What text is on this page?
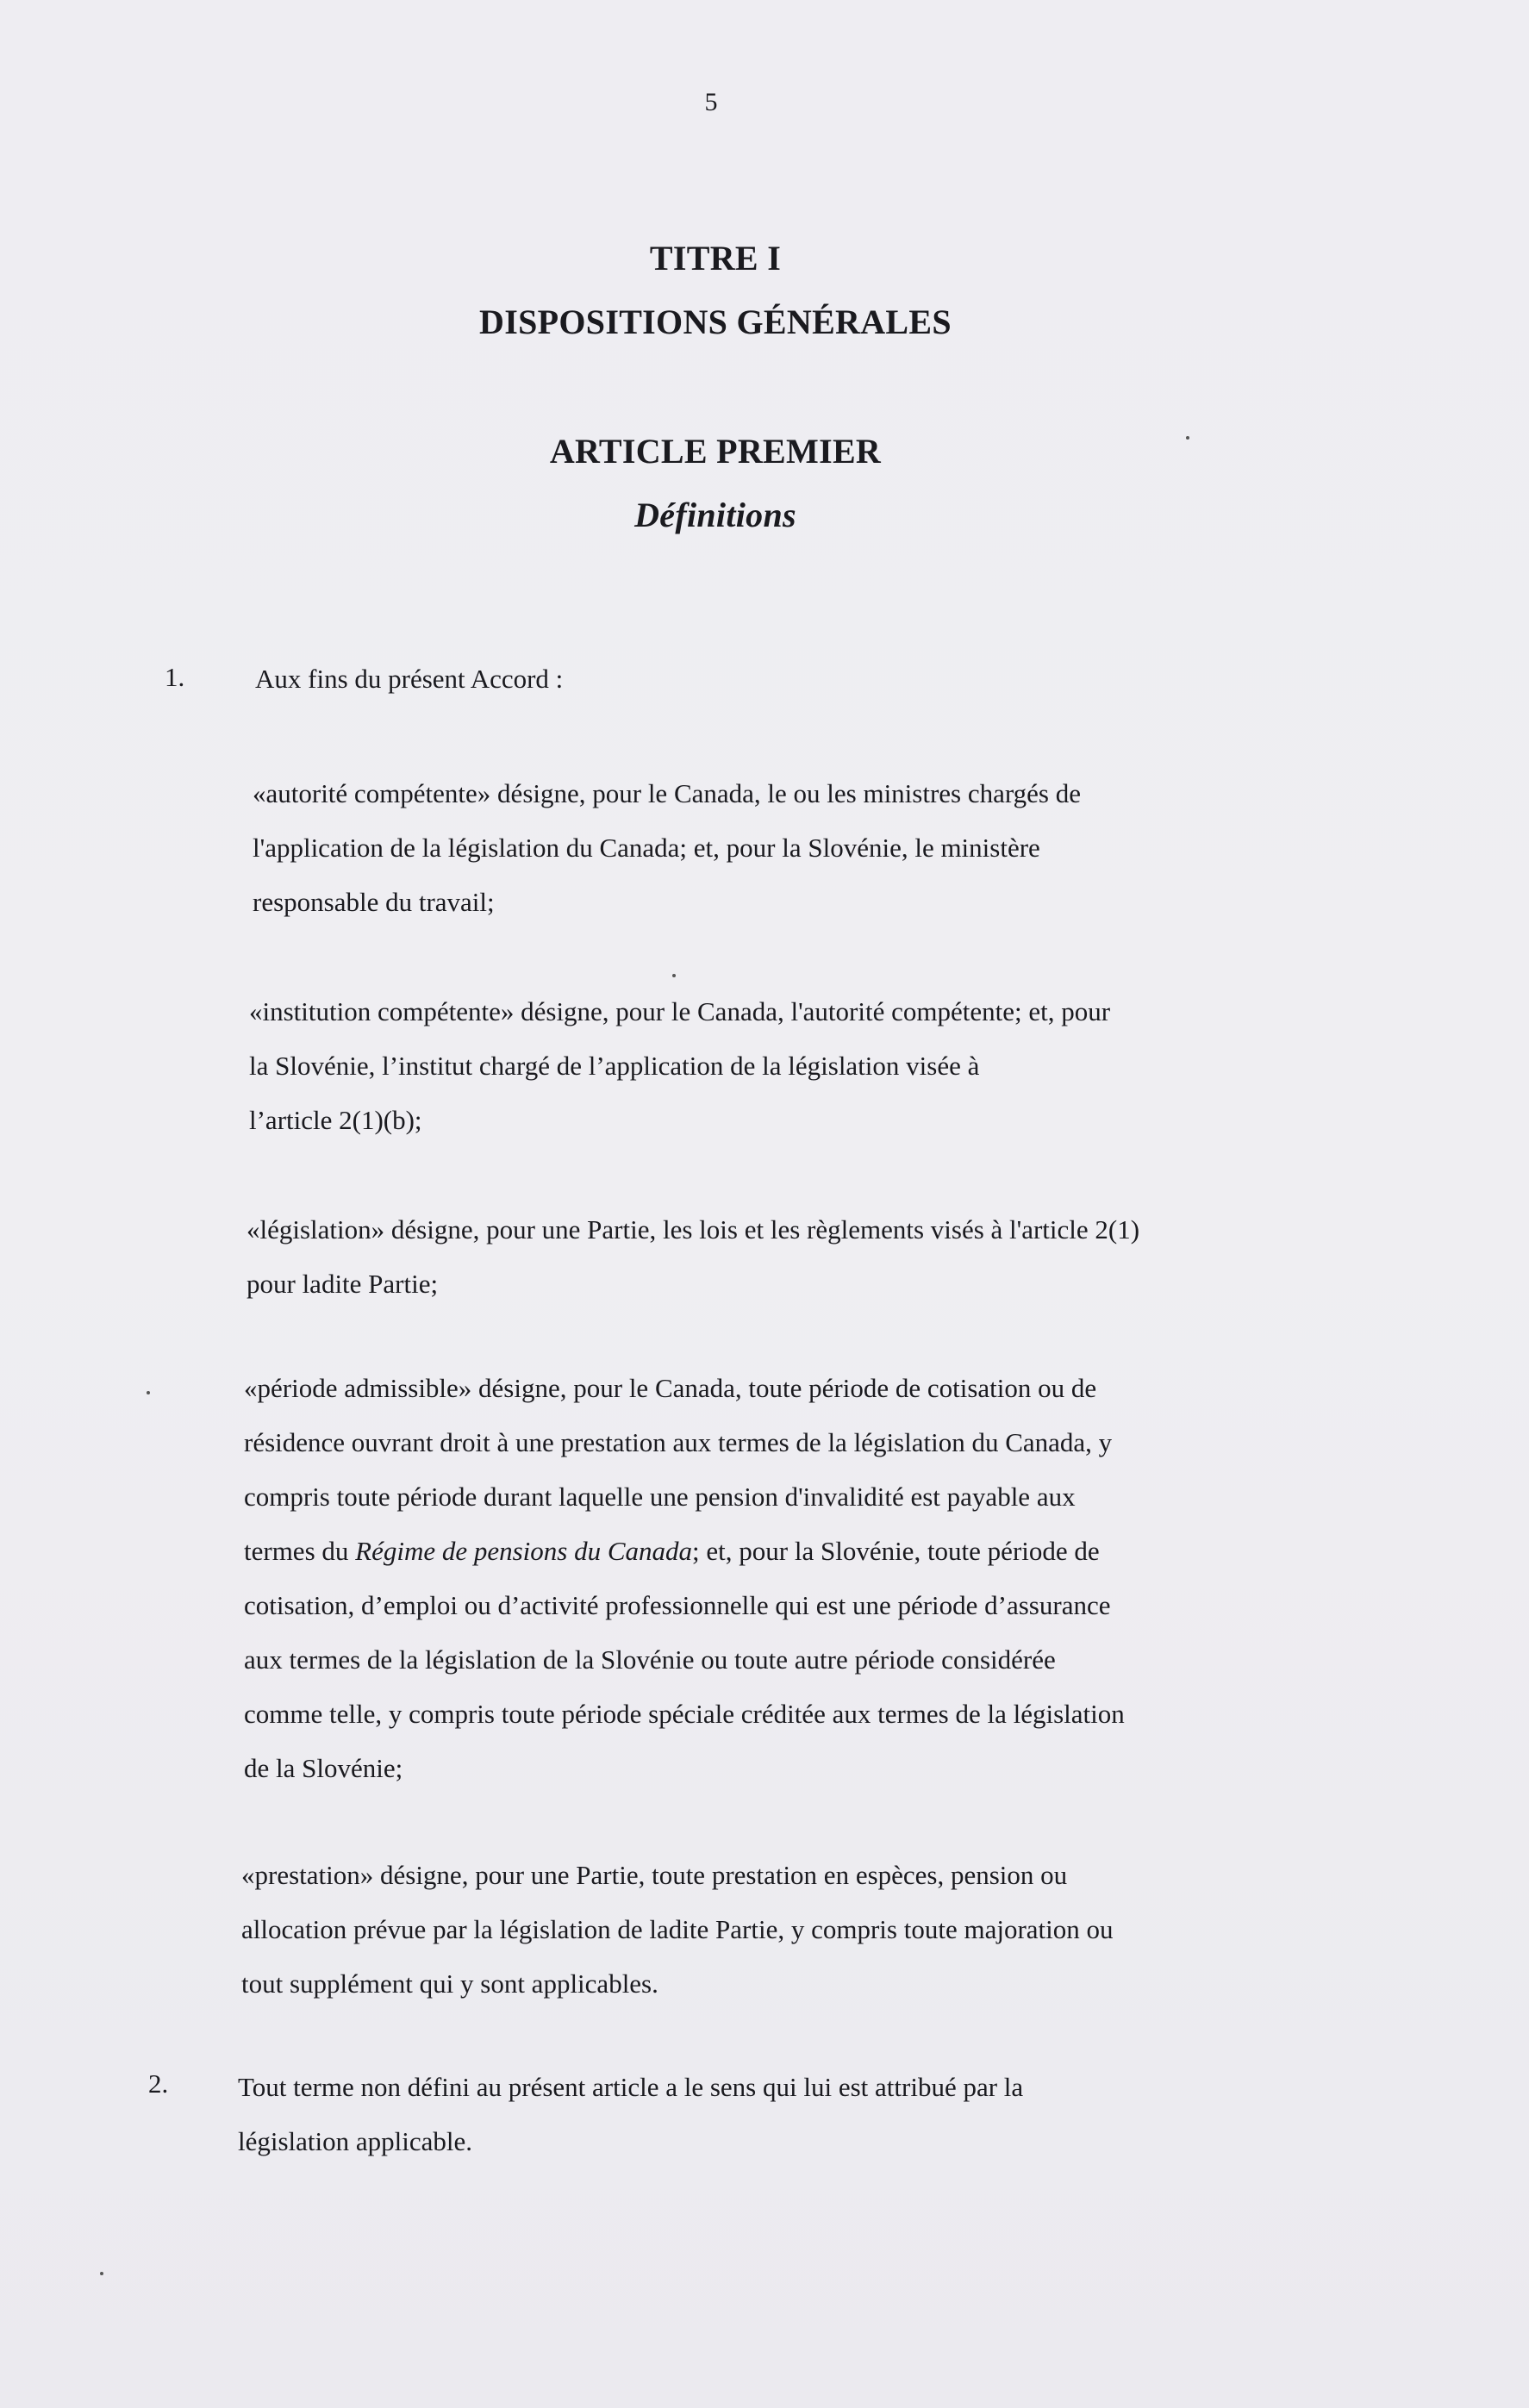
5
TITRE I
DISPOSITIONS GÉNÉRALES
ARTICLE PREMIER
Définitions
1.	Aux fins du présent Accord :

«autorité compétente» désigne, pour le Canada, le ou les ministres chargés de

l'application de la législation du Canada; et, pour la Slovénie, le ministère

responsable du travail;

«institution compétente» désigne, pour le Canada, l'autorité compétente; et, pour

la Slovénie, l’institut chargé de l’application de la législation visée à

l’article 2(1)(b);

«législation» désigne, pour une Partie, les lois et les règlements visés à l'article 2(1)

pour ladite Partie;

«période admissible» désigne, pour le Canada, toute période de cotisation ou de

résidence ouvrant droit à une prestation aux termes de la législation du Canada, y

compris toute période durant laquelle une pension d'invalidité est payable aux

termes du Régime de pensions du Canada; et, pour la Slovénie, toute période de

cotisation, d’emploi ou d’activité professionnelle qui est une période d’assurance

aux termes de la législation de la Slovénie ou toute autre période considérée

comme telle, y compris toute période spéciale créditée aux termes de la législation

de la Slovénie;

«prestation» désigne, pour une Partie, toute prestation en espèces, pension ou

allocation prévue par la législation de ladite Partie, y compris toute majoration ou

tout supplément qui y sont applicables.

2.	Tout terme non défini au présent article a le sens qui lui est attribué par la

législation applicable.
